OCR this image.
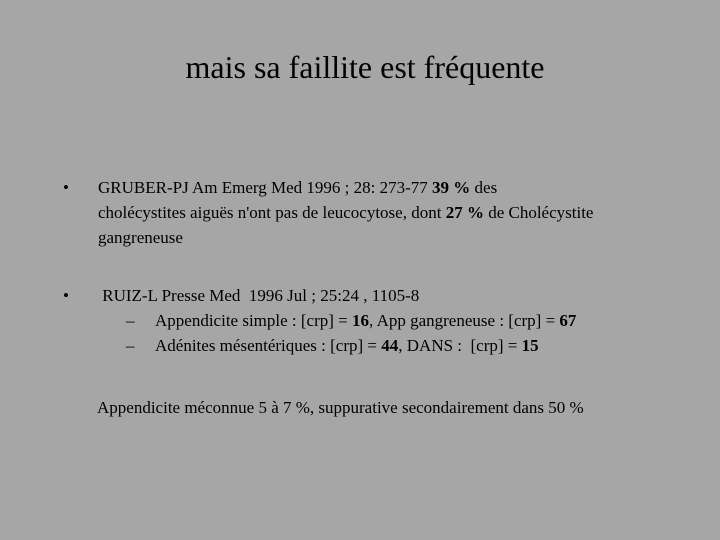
mais sa faillite est fréquente
• GRUBER-PJ Am Emerg Med 1996 ; 28: 273-77 39 % des
cholécystites aiguës n'ont pas de leucocytose, dont 27 % de Cholécystite
gangreneuse
• RUIZ-L Presse Med  1996 Jul ; 25:24 , 1105-8
– Appendicite simple : [crp] = 16, App gangreneuse : [crp] = 67
– Adénites mésentériques : [crp] = 44, DANS :  [crp] = 15
Appendicite méconnue 5 à 7 %, suppurative secondairement dans 50 %
